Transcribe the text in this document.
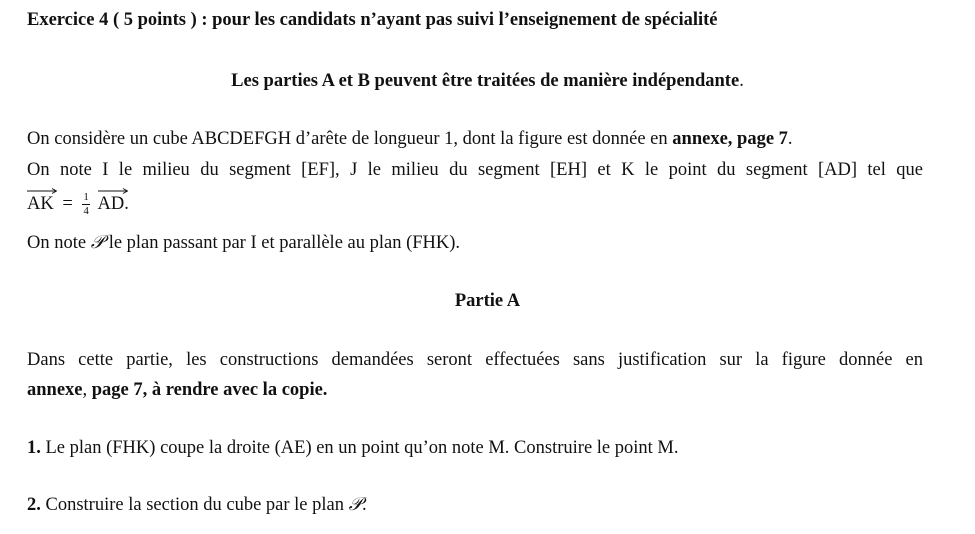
Exercice 4 ( 5 points ) : pour les candidats n’ayant pas suivi l’enseignement de spécialité
Les parties A et B peuvent être traitées de manière indépendante.
On considère un cube ABCDEFGH d’arête de longueur 1, dont la figure est donnée en annexe, page 7.
On note I le milieu du segment [EF], J le milieu du segment [EH] et K le point du segment [AD] tel que
AK = $\frac{1}{4}$
AD.
On note 𝒫 le plan passant par I et parallèle au plan (FHK).
Partie A
Dans cette partie, les constructions demandées seront effectuées sans justification sur la figure donnée en
annexe, page 7, à rendre avec la copie.
1. Le plan (FHK) coupe la droite (AE) en un point qu’on note M. Construire le point M.
2. Construire la section du cube par le plan 𝒫.
